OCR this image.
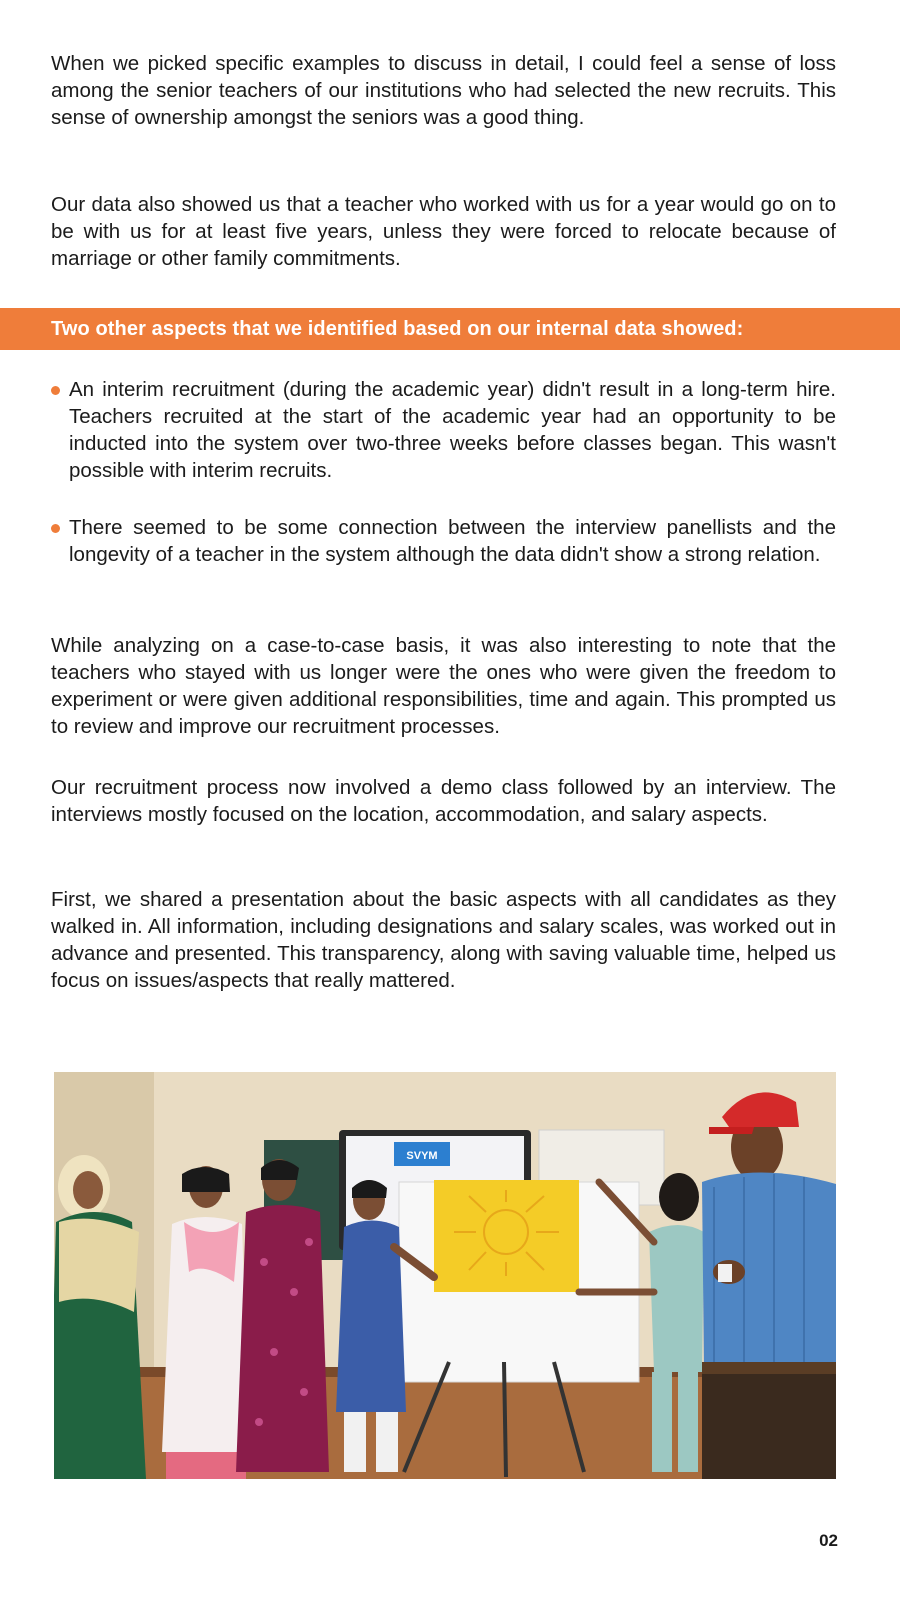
When we picked specific examples to discuss in detail, I could feel a sense of loss among the senior teachers of our institutions who had selected the new recruits. This sense of ownership amongst the seniors was a good thing.

Our data also showed us that a teacher who worked with us for a year would go on to be with us for at least five years, unless they were forced to relocate because of marriage or other family commitments.

Two other aspects that we identified based on our internal data showed:

An interim recruitment (during the academic year) didn't result in a long-term hire. Teachers recruited at the start of the academic year had an opportunity to be inducted into the system over two-three weeks before classes began. This wasn't possible with interim recruits.

There seemed to be some connection between the interview panellists and the longevity of a teacher in the system although the data didn't show a strong relation.

While analyzing on a case-to-case basis, it was also interesting to note that the teachers who stayed with us longer were the ones who were given the freedom to experiment or were given additional responsibilities, time and again. This prompted us to review and improve our recruitment processes.

Our recruitment process now involved a demo class followed by an interview. The interviews mostly focused on the location, accommodation, and salary aspects.

First, we shared a presentation about the basic aspects with all candidates as they walked in. All information, including designations and salary scales, was worked out in advance and presented. This transparency, along with saving valuable time, helped us focus on issues/aspects that really mattered.

SVYM
02
